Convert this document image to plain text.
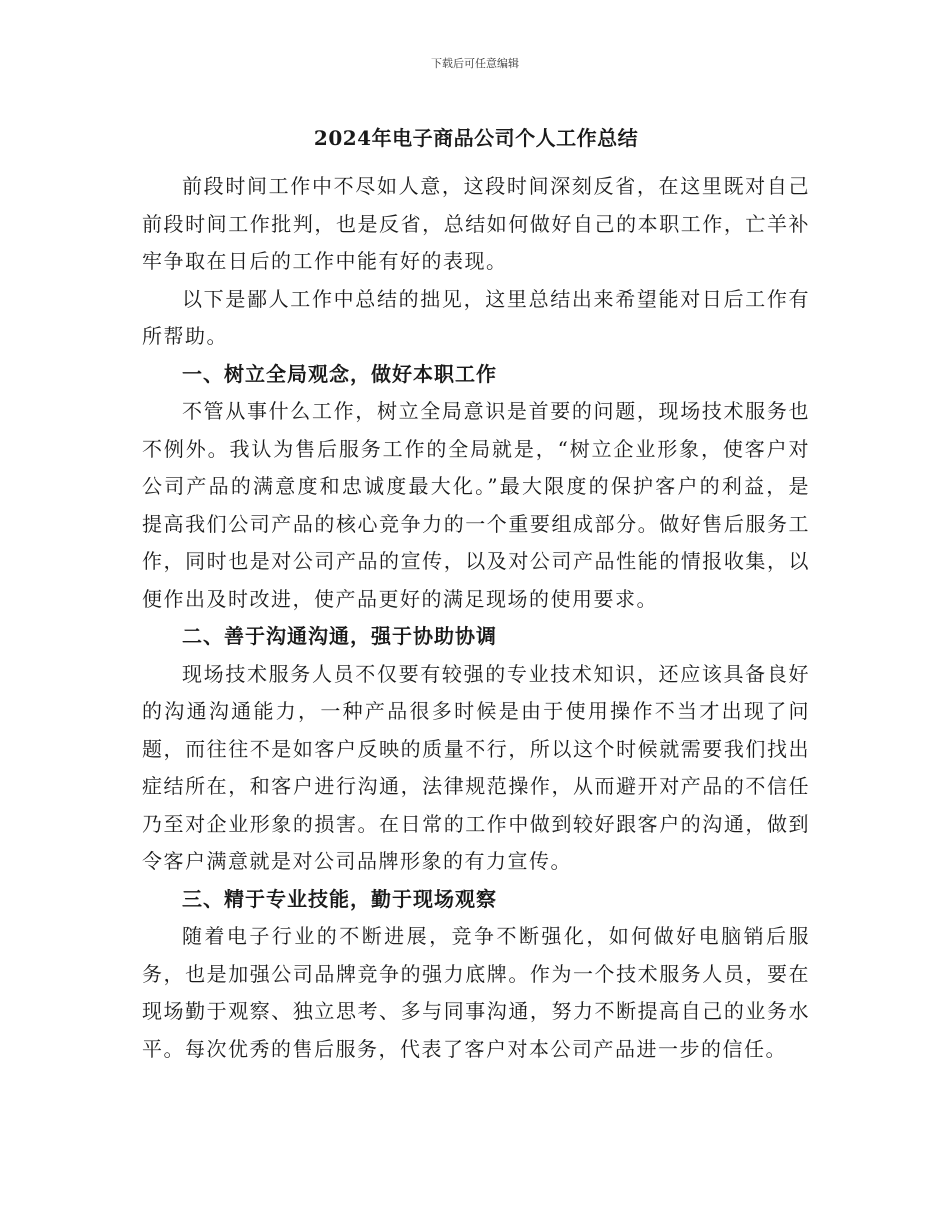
下载后可任意编辑
2024年电子商品公司个人工作总结

前段时间工作中不尽如人意，这段时间深刻反省，在这里既对自己前段时间工作批判，也是反省，总结如何做好自己的本职工作，亡羊补牢争取在日后的工作中能有好的表现。

以下是鄙人工作中总结的拙见，这里总结出来希望能对日后工作有所帮助。

一、树立全局观念，做好本职工作

不管从事什么工作，树立全局意识是首要的问题，现场技术服务也不例外。我认为售后服务工作的全局就是，“树立企业形象，使客户对公司产品的满意度和忠诚度最大化。”最大限度的保护客户的利益，是提高我们公司产品的核心竞争力的一个重要组成部分。做好售后服务工作，同时也是对公司产品的宣传，以及对公司产品性能的情报收集，以便作出及时改进，使产品更好的满足现场的使用要求。

二、善于沟通沟通，强于协助协调

现场技术服务人员不仅要有较强的专业技术知识，还应该具备良好的沟通沟通能力，一种产品很多时候是由于使用操作不当才出现了问题，而往往不是如客户反映的质量不行，所以这个时候就需要我们找出症结所在，和客户进行沟通，法律规范操作，从而避开对产品的不信任乃至对企业形象的损害。在日常的工作中做到较好跟客户的沟通，做到令客户满意就是对公司品牌形象的有力宣传。

三、精于专业技能，勤于现场观察

随着电子行业的不断进展，竞争不断强化，如何做好电脑销后服务，也是加强公司品牌竞争的强力底牌。作为一个技术服务人员，要在现场勤于观察、独立思考、多与同事沟通，努力不断提高自己的业务水平。每次优秀的售后服务，代表了客户对本公司产品进一步的信任。
